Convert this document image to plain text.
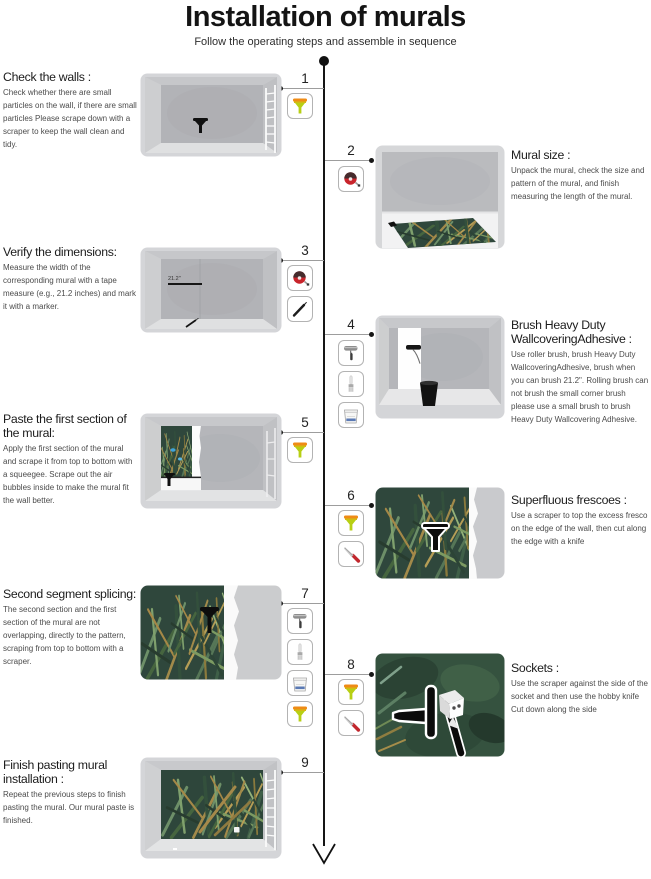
Installation of murals
Follow the operating steps and assemble in sequence
1
Check the walls :

Check whether there are small particles on the wall, if there are small particles Please scrape down with a scraper to keep the wall clean and tidy.	2	Mural size :

Unpack the mural, check the size and pattern of the mural, and finish measuring the length of the mural.

3
Verify the dimensions:

Measure the width of the corresponding mural with a tape measure (e.g., 21.2 inches) and mark it with a marker.

21.2"
4	Brush Heavy Duty WallcoveringAdhesive :

Use roller brush, brush Heavy Duty WallcoveringAdhesive, brush when you can brush 21.2". Rolling brush can not brush the small corner brush please use a small brush to brush Heavy Duty Wallcovering Adhesive.

5
Paste the first section of the mural:

Apply the first section of the mural and scrape it from top to bottom with a squeegee. Scrape out the air bubbles inside to make the mural fit the wall better.	6	Superfluous frescoes :

Use a scraper to top the excess fresco on the edge of the wall, then cut along the edge with a knife

7
Second segment splicing:

The second section and the first section of the mural are not overlapping, directly to the pattern, scraping from top to bottom with a scraper.	8	Sockets :

Use the scraper against the side of the socket and then use the hobby knife Cut down along the side

9
Finish pasting mural installation :

Repeat the previous steps to finish pasting the mural. Our mural paste is finished.
